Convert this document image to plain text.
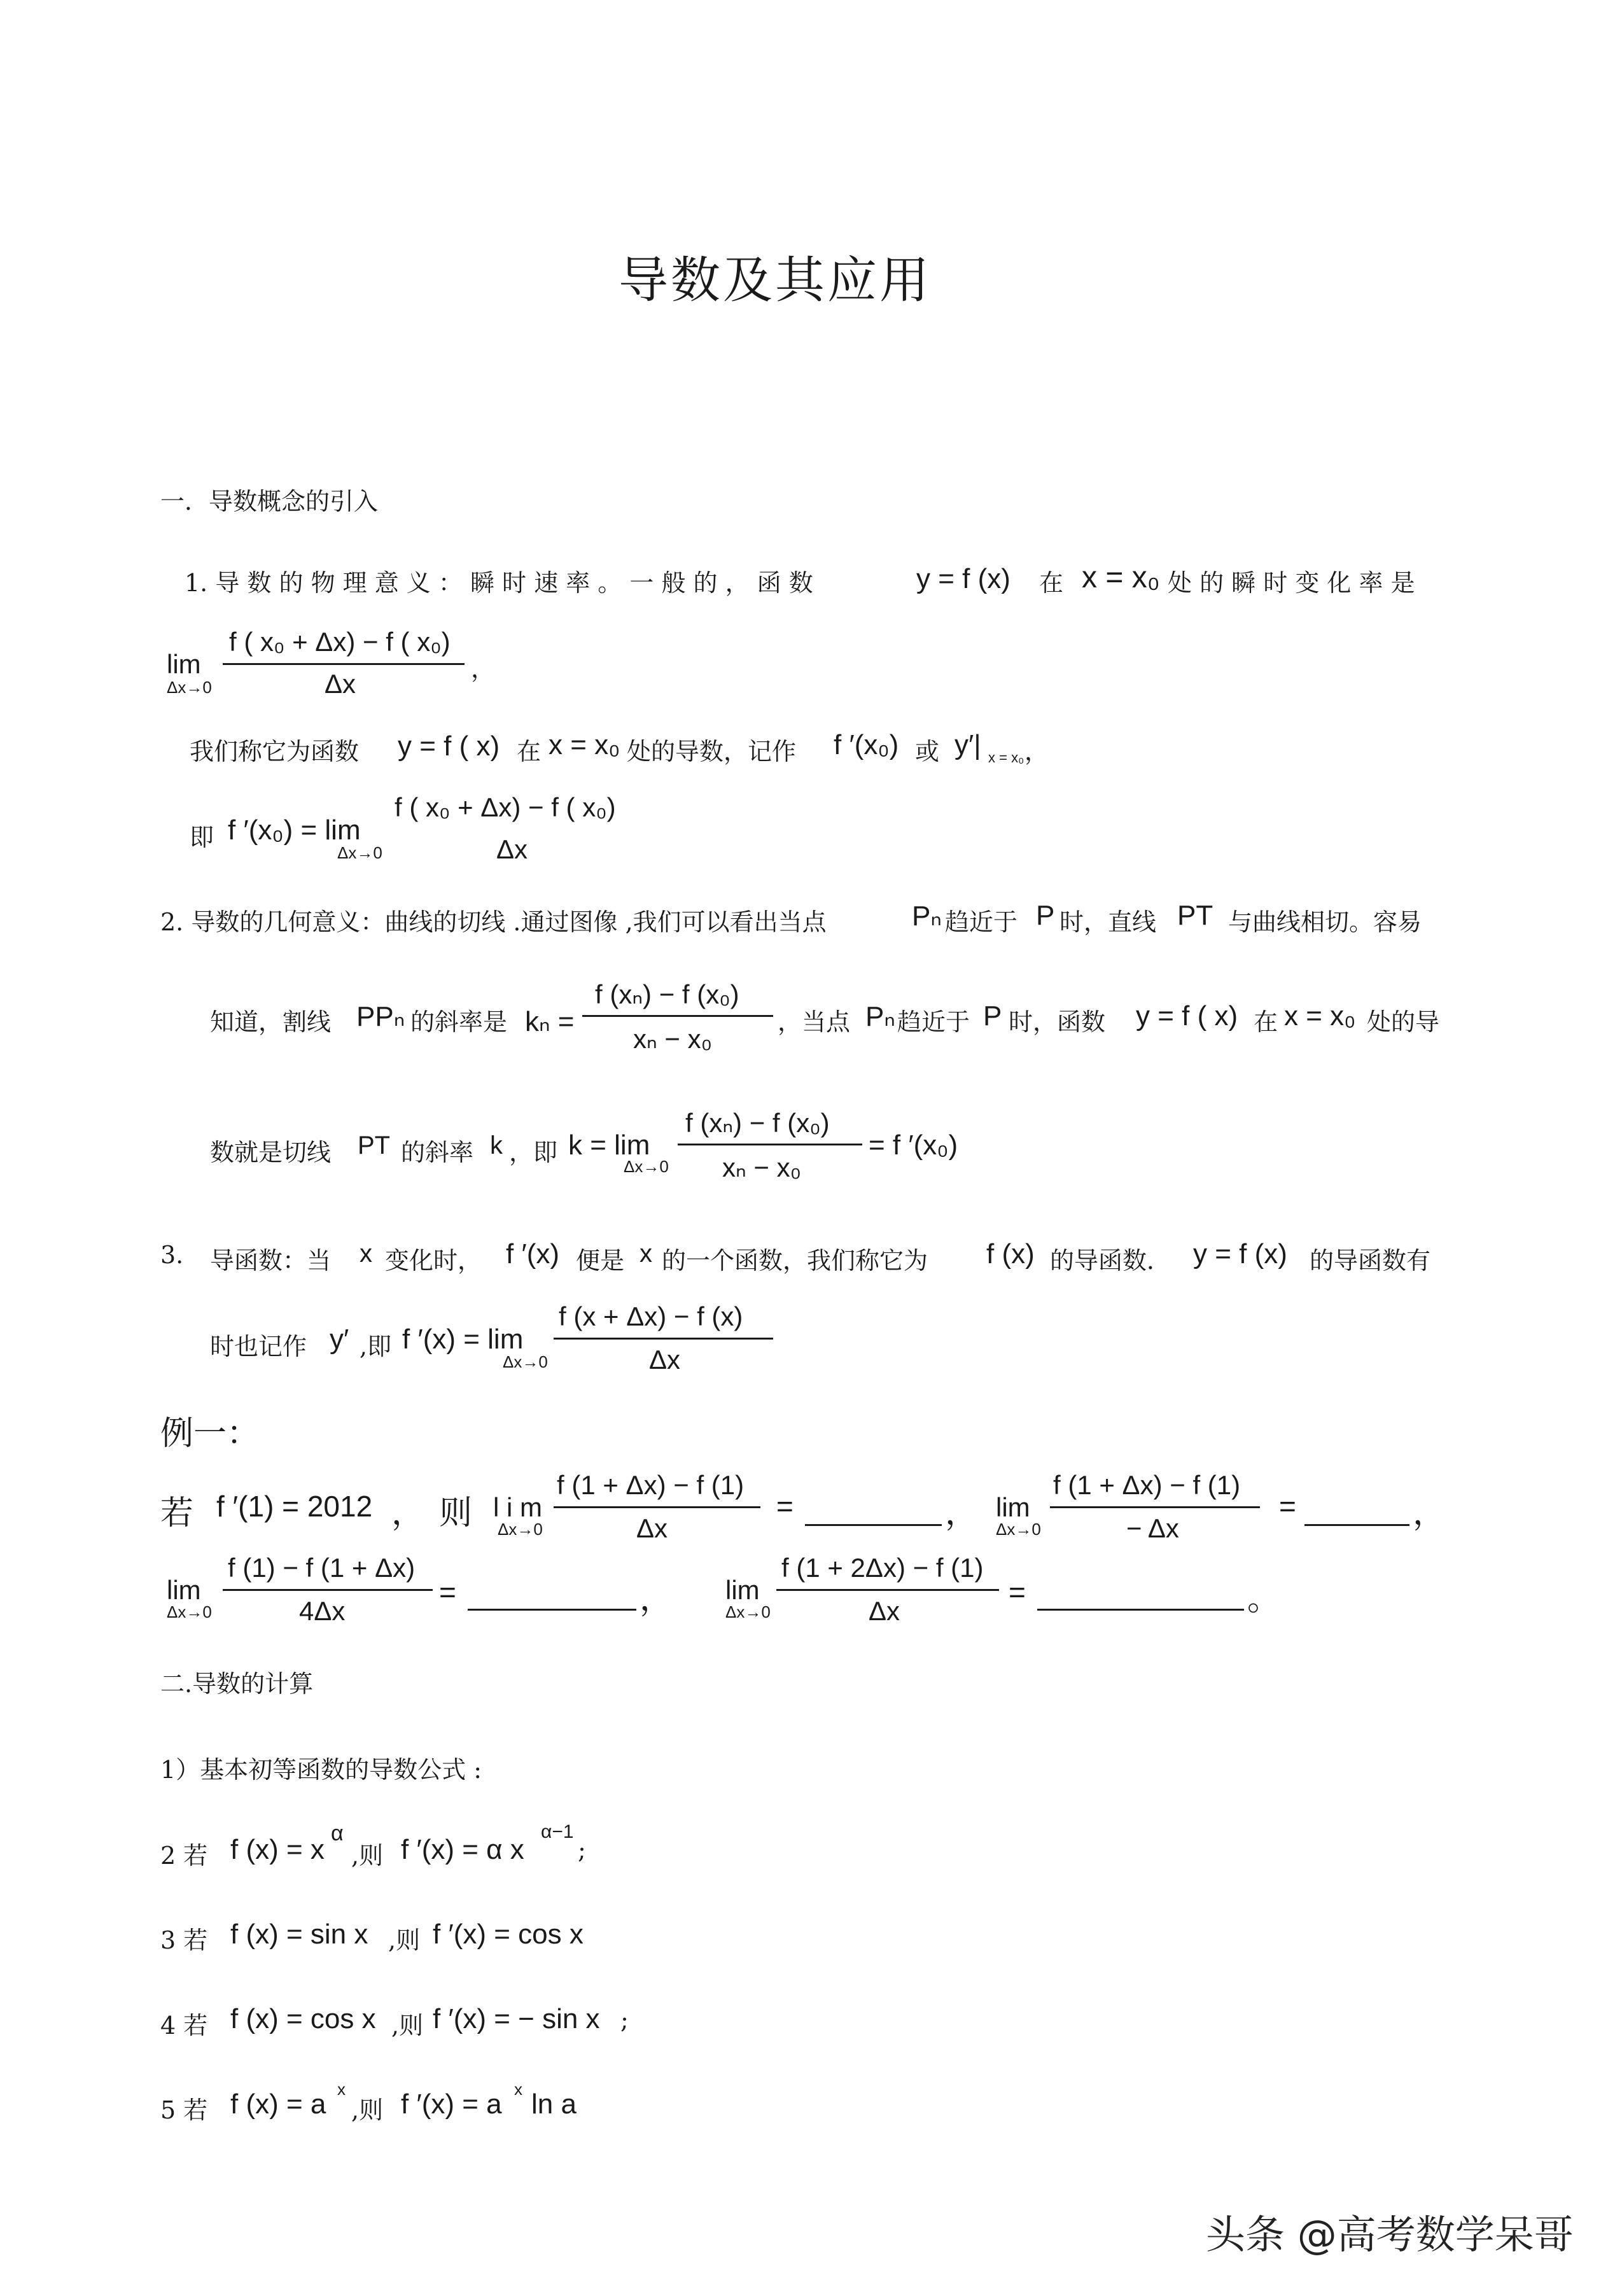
导数及其应用
一．导数概念的引入
1. 导 数 的 物 理 意 义 ： 瞬 时 速 率 。 一 般 的 ， 函 数	y = f (x) 在 x = x₀ 处 的 瞬 时 变 化 率 是
lim
Δx→0
f ( x₀ + Δx) − f ( x₀)
Δx	，
我们称它为函数 y = f ( x) 在 x = x₀ 处的导数，记作 f ′(x₀) 或 y′| x = x₀ ，
即 f ′(x₀) = lim
Δx→0
f ( x₀ + Δx) − f ( x₀)
Δx
2. 导数的几何意义：曲线的切线 .通过图像 ,我们可以看出当点	Pₙ 趋近于 P 时，直线 PT 与曲线相切。容易
知道，割线 PPₙ 的斜率是 kₙ =
f (xₙ) − f (x₀)
xₙ − x₀
，当点 Pₙ 趋近于 P 时，函数 y = f ( x) 在 x = x₀ 处的导
数就是切线 PT 的斜率 k ，即 k = lim
Δx→0
f (xₙ) − f (x₀)
xₙ − x₀
= f ′(x₀)
3. 导函数：当 x 变化时， f ′(x) 便是 x 的一个函数，我们称它为 f (x) 的导函数． y = f (x) 的导函数有
时也记作 y′ ,即 f ′(x) = lim
Δx→0
f (x + Δx) − f (x)
Δx
例一：
若 f ′(1) = 2012 ， 则 l i m
Δx→0
f (1 + Δx) − f (1)
Δx
=	， lim
Δx→0
f (1 + Δx) − f (1)
− Δx
=	，
lim
Δx→0
f (1) − f (1 + Δx)
4Δx
=	， lim
Δx→0
f (1 + 2Δx) − f (1)
Δx
=	。
二.导数的计算
1）基本初等函数的导数公式 :
2 若 f (x) = x
α
,则 f ′(x) = α x
α−1
;
3 若 f (x) = sin x ,则 f ′(x) = cos x
4 若 f (x) = cos x ,则 f ′(x) = − sin x ;
5 若 f (x) = a x
,则 f ′(x) = a x ln a
头条 @高考数学呆哥
